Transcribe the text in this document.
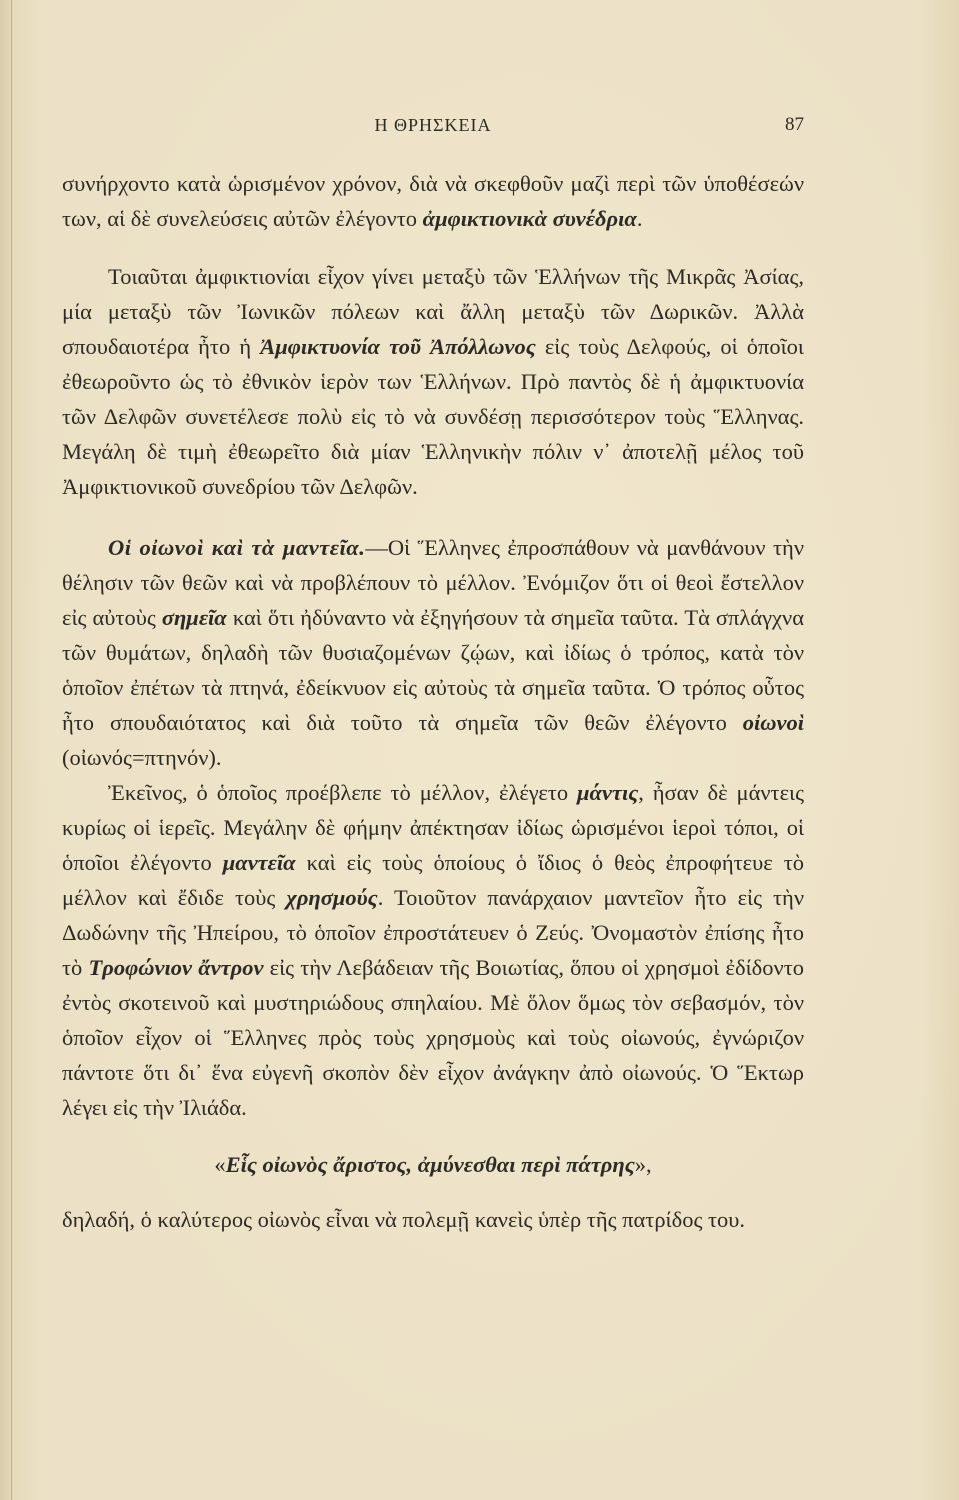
Η ΘΡΗΣΚΕΙΑ	87

συνήρχοντο κατὰ ὡρισμένον χρόνον, διὰ νὰ σκεφθοῦν μαζὶ περὶ τῶν ὑποθέσεών των, αἱ δὲ συνελεύσεις αὐτῶν ἐλέγοντο ἀμφικτιονικὰ συνέδρια.

Τοιαῦται ἀμφικτιονίαι εἶχον γίνει μεταξὺ τῶν Ἑλλήνων τῆς Μικρᾶς Ἀσίας, μία μεταξὺ τῶν Ἰωνικῶν πόλεων καὶ ἄλλη μεταξὺ τῶν Δωρικῶν. Ἀλλὰ σπουδαιοτέρα ἦτο ἡ Ἀμφικτυονία τοῦ Ἀπόλλωνος εἰς τοὺς Δελφούς, οἱ ὁποῖοι ἐθεωροῦντο ὡς τὸ ἐθνικὸν ἱερὸν των Ἑλλήνων. Πρὸ παντὸς δὲ ἡ ἀμφικτυονία τῶν Δελφῶν συνετέλεσε πολὺ εἰς τὸ νὰ συνδέσῃ περισσότερον τοὺς Ἕλληνας. Μεγάλη δὲ τιμὴ ἐθεωρεῖτο διὰ μίαν Ἑλληνικὴν πόλιν ν᾽ ἀποτελῇ μέλος τοῦ Ἀμφικτιονικοῦ συνεδρίου τῶν Δελφῶν.

Οἱ οἰωνοὶ καὶ τὰ μαντεῖα.—Οἱ Ἕλληνες ἐπροσπάθουν νὰ μανθάνουν τὴν θέλησιν τῶν θεῶν καὶ νὰ προβλέπουν τὸ μέλλον. Ἐνόμιζον ὅτι οἱ θεοὶ ἔστελλον εἰς αὐτοὺς σημεῖα καὶ ὅτι ἠδύναντο νὰ ἐξηγήσουν τὰ σημεῖα ταῦτα. Τὰ σπλάγχνα τῶν θυμάτων, δηλαδὴ τῶν θυσιαζομένων ζῴων, καὶ ἰδίως ὁ τρόπος, κατὰ τὸν ὁποῖον ἐπέτων τὰ πτηνά, ἐδείκνυον εἰς αὐτοὺς τὰ σημεῖα ταῦτα. Ὁ τρόπος οὗτος ἦτο σπουδαιότατος καὶ διὰ τοῦτο τὰ σημεῖα τῶν θεῶν ἐλέγοντο οἰωνοὶ (οἰωνός=πτηνόν).

Ἐκεῖνος, ὁ ὁποῖος προέβλεπε τὸ μέλλον, ἐλέγετο μάντις, ἦσαν δὲ μάντεις κυρίως οἱ ἱερεῖς. Μεγάλην δὲ φήμην ἀπέκτησαν ἰδίως ὡρισμένοι ἱεροὶ τόποι, οἱ ὁποῖοι ἐλέγοντο μαντεῖα καὶ εἰς τοὺς ὁποίους ὁ ἴδιος ὁ θεὸς ἐπροφήτευε τὸ μέλλον καὶ ἔδιδε τοὺς χρησμούς. Τοιοῦτον πανάρχαιον μαντεῖον ἦτο εἰς τὴν Δωδώνην τῆς Ἠπείρου, τὸ ὁποῖον ἐπροστάτευεν ὁ Ζεύς. Ὀνομαστὸν ἐπίσης ἦτο τὸ Τροφώνιον ἄντρον εἰς τὴν Λεβάδειαν τῆς Βοιωτίας, ὅπου οἱ χρησμοὶ ἐδίδοντο ἐντὸς σκοτεινοῦ καὶ μυστηριώδους σπηλαίου. Μὲ ὅλον ὅμως τὸν σεβασμόν, τὸν ὁποῖον εἶχον οἱ Ἕλληνες πρὸς τοὺς χρησμοὺς καὶ τοὺς οἰωνούς, ἐγνώριζον πάντοτε ὅτι δι᾽ ἕνα εὐγενῆ σκοπὸν δὲν εἶχον ἀνάγκην ἀπὸ οἰωνούς. Ὁ Ἕκτωρ λέγει εἰς τὴν Ἰλιάδα.

«Εἷς οἰωνὸς ἄριστος, ἀμύνεσθαι περὶ πάτρης»,

δηλαδή, ὁ καλύτερος οἰωνὸς εἶναι νὰ πολεμῇ κανεὶς ὑπὲρ τῆς πατρίδος του.
